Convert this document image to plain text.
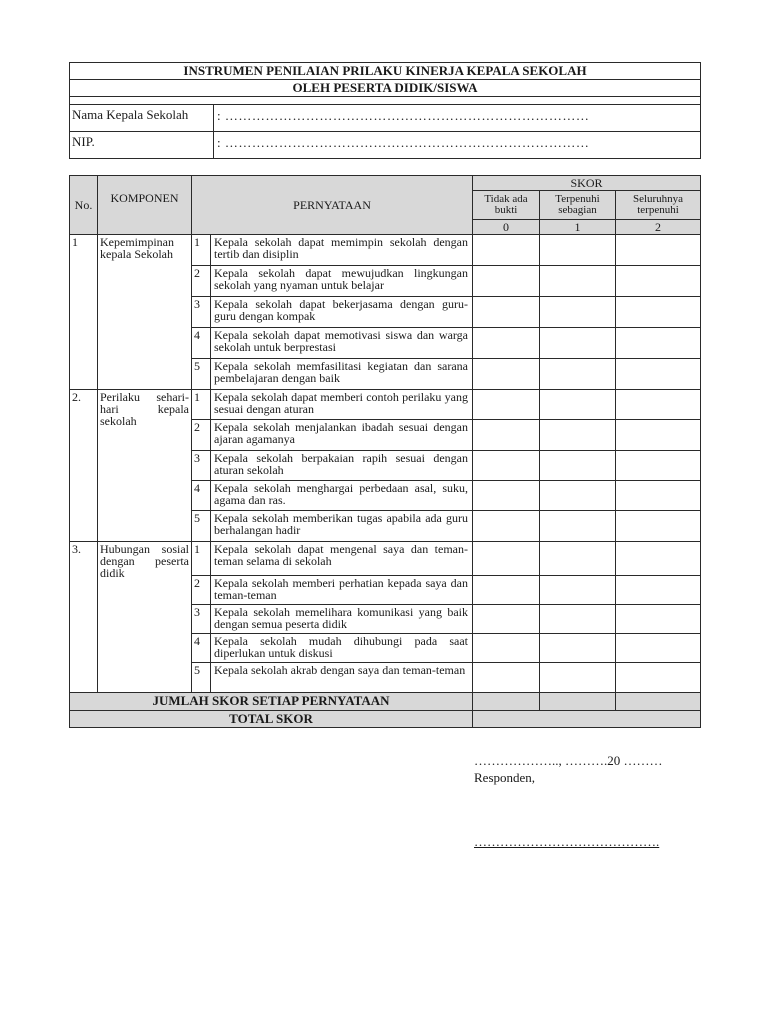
INSTRUMEN PENILAIAN PRILAKU KINERJA KEPALA SEKOLAH	
OLEH PESERTA DIDIK/SISWA	

Nama Kepala Sekolah	: ………………………………………………………………………
NIP.	: ………………………………………………………………………
No.	KOMPONEN	PERNYATAAN		SKOR		
				Tidak ada bukti	Terpenuhi sebagian	Seluruhnya terpenuhi
				0	1	2
1	Kepemimpinan kepala Sekolah	1	Kepala sekolah dapat memimpin sekolah dengan tertib dan disiplin			
		2	Kepala sekolah dapat mewujudkan lingkungan sekolah yang nyaman untuk belajar			
		3	Kepala sekolah dapat bekerjasama dengan guru-guru dengan kompak			
		4	Kepala sekolah dapat memotivasi siswa dan warga sekolah untuk berprestasi			
		5	Kepala sekolah memfasilitasi kegiatan dan sarana pembelajaran dengan baik			
2.	Perilaku sehari-hari kepala sekolah	1	Kepala sekolah dapat memberi contoh perilaku yang sesuai dengan aturan			
		2	Kepala sekolah menjalankan ibadah sesuai dengan ajaran agamanya			
		3	Kepala sekolah berpakaian rapih sesuai dengan aturan sekolah			
		4	Kepala sekolah menghargai perbedaan asal, suku, agama dan ras.			
		5	Kepala sekolah memberikan tugas apabila ada guru berhalangan hadir			
3.	Hubungan sosial dengan peserta didik	1	Kepala sekolah dapat mengenal saya dan teman-teman selama di sekolah			
		2	Kepala sekolah memberi perhatian kepada saya dan teman-teman			
		3	Kepala sekolah memelihara komunikasi yang baik dengan semua peserta didik			
		4	Kepala sekolah mudah dihubungi pada saat diperlukan untuk diskusi			
		5	Kepala sekolah akrab dengan saya dan teman-teman			
JUMLAH SKOR SETIAP PERNYATAAN						
TOTAL SKOR						
……………….., ……….20 ………
Responden,
…………………………………….
